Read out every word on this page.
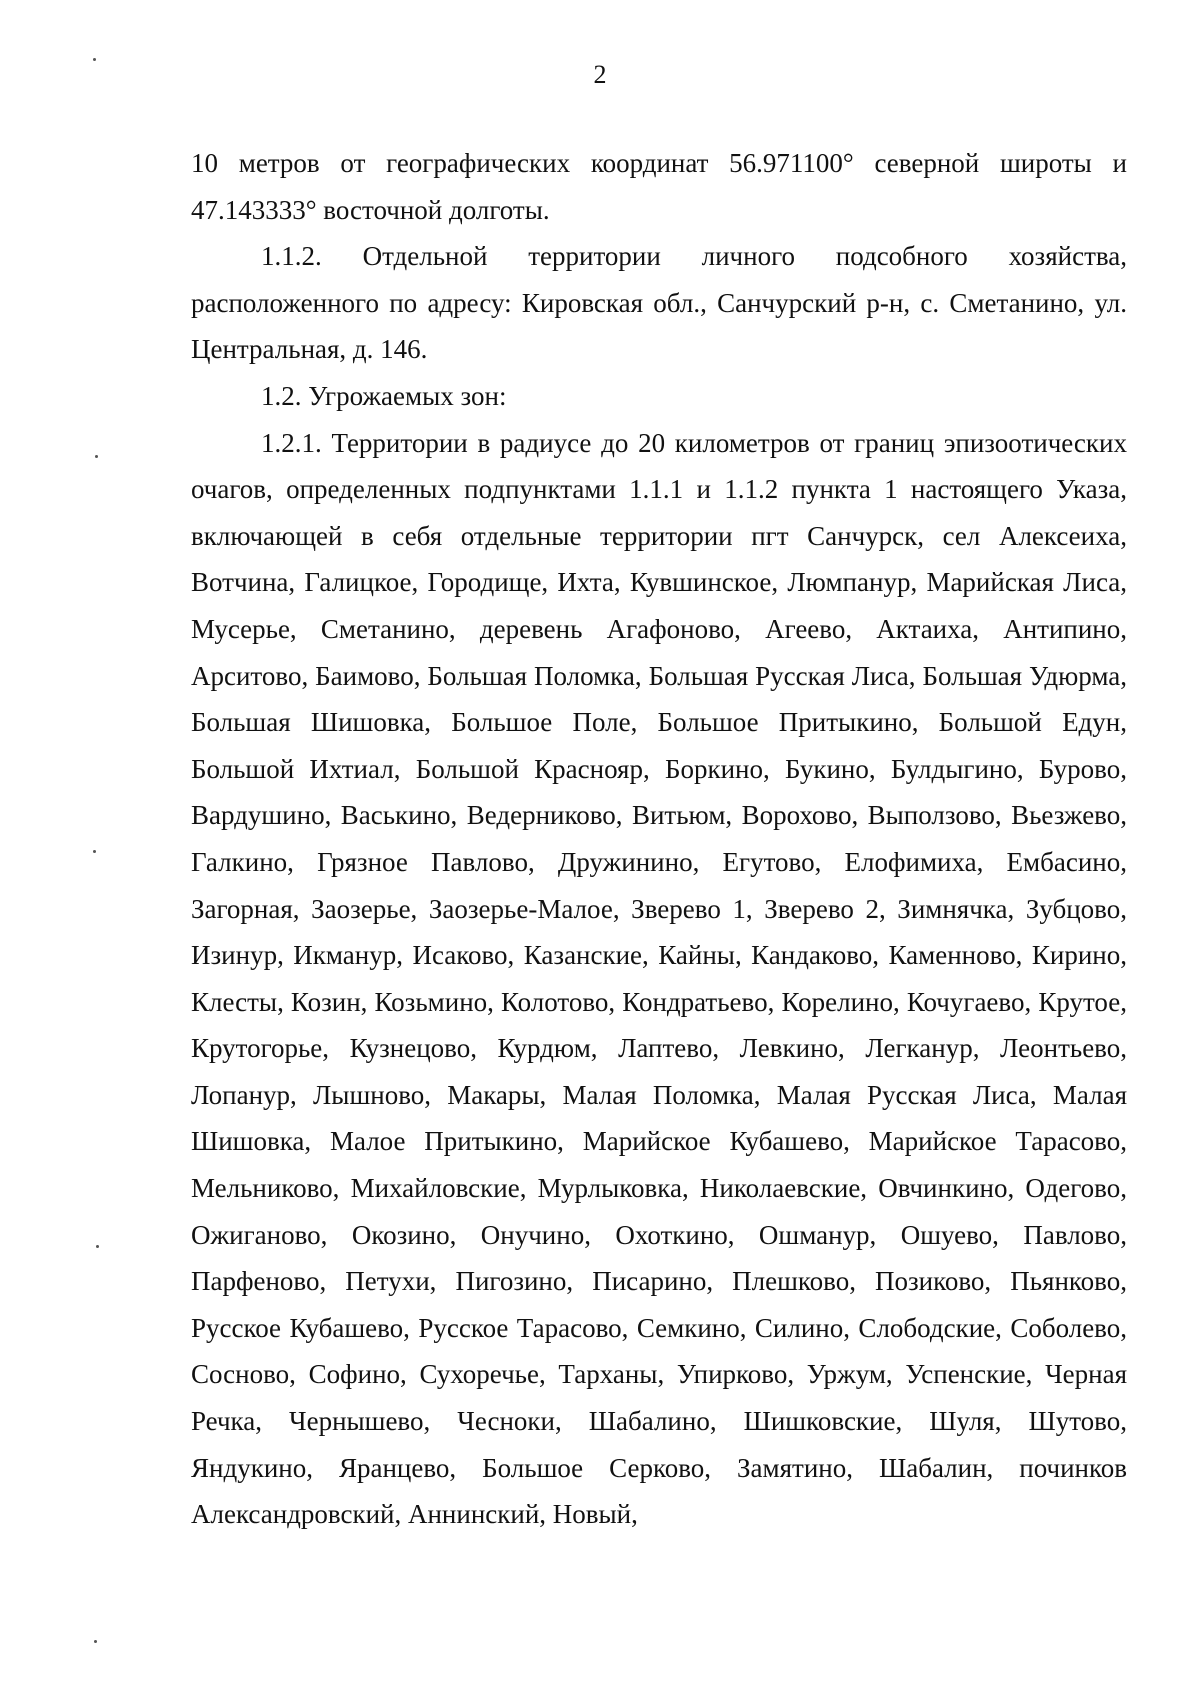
2

10 метров от географических координат 56.971100° северной широты и 47.143333° восточной долготы.

1.1.2. Отдельной территории личного подсобного хозяйства, расположенного по адресу: Кировская обл., Санчурский р-н, с. Сметанино, ул. Центральная, д. 146.

1.2. Угрожаемых зон:

1.2.1. Территории в радиусе до 20 километров от границ эпизоотических очагов, определенных подпунктами 1.1.1 и 1.1.2 пункта 1 настоящего Указа, включающей в себя отдельные территории пгт Санчурск, сел Алексеиха, Вотчина, Галицкое, Городище, Ихта, Кувшинское, Люмпанур, Марийская Лиса, Мусерье, Сметанино, деревень Агафоново, Агеево, Актаиха, Антипино, Арситово, Баимово, Большая Поломка, Большая Русская Лиса, Большая Удюрма, Большая Шишовка, Большое Поле, Большое Притыкино, Большой Едун, Большой Ихтиал, Большой Краснояр, Боркино, Букино, Булдыгино, Бурово, Вардушино, Васькино, Ведерниково, Витьюм, Ворохово, Выползово, Вьезжево, Галкино, Грязное Павлово, Дружинино, Егутово, Елофимиха, Ембасино, Загорная, Заозерье, Заозерье-Малое, Зверево 1, Зверево 2, Зимнячка, Зубцово, Изинур, Икманур, Исаково, Казанские, Кайны, Кандаково, Каменново, Кирино, Клесты, Козин, Козьмино, Колотово, Кондратьево, Корелино, Кочугаево, Крутое, Крутогорье, Кузнецово, Курдюм, Лаптево, Левкино, Легканур, Леонтьево, Лопанур, Лышново, Макары, Малая Поломка, Малая Русская Лиса, Малая Шишовка, Малое Притыкино, Марийское Кубашево, Марийское Тарасово, Мельниково, Михайловские, Мурлыковка, Николаевские, Овчинкино, Одегово, Ожиганово, Окозино, Онучино, Охоткино, Ошманур, Ошуево, Павлово, Парфеново, Петухи, Пигозино, Писарино, Плешково, Позиково, Пьянково, Русское Кубашево, Русское Тарасово, Семкино, Силино, Слободские, Соболево, Сосново, Софино, Сухоречье, Тарханы, Упирково, Уржум, Успенские, Черная Речка, Чернышево, Чесноки, Шабалино, Шишковские, Шуля, Шутово, Яндукино, Яранцево, Большое Серково, Замятино, Шабалин, починков Александровский, Аннинский, Новый,
